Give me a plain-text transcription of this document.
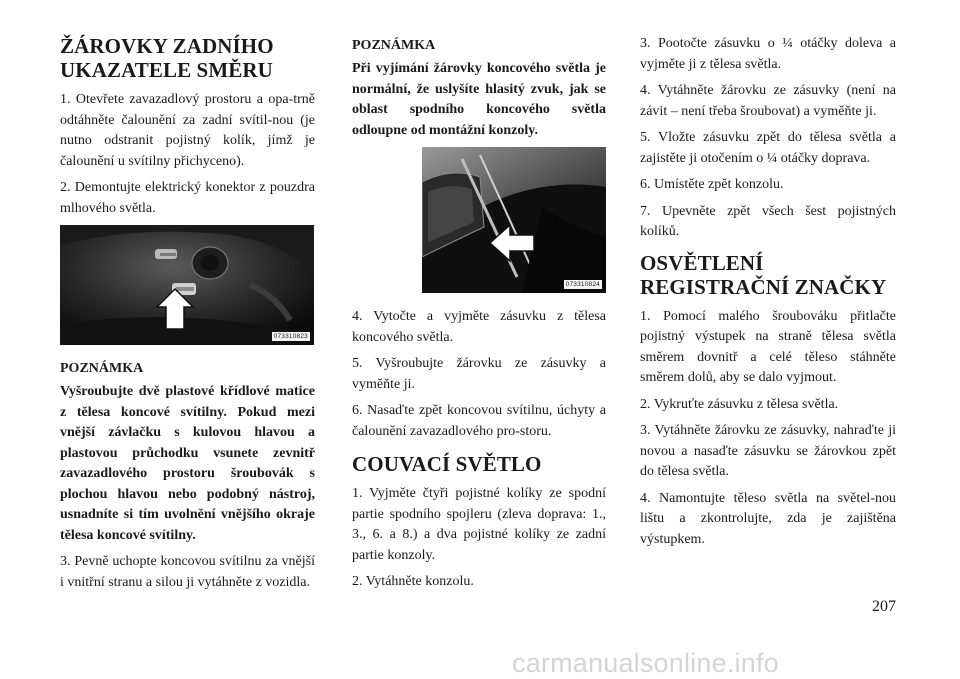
ŽÁROVKY ZADNÍHO UKAZATELE SMĚRU

1. Otevřete zavazadlový prostoru a opa-trně odtáhněte čalounění za zadní svítil-nou (je nutno odstranit pojistný kolík, jímž je čalounění u svítilny přichyceno).

2. Demontujte elektrický konektor z pouzdra mlhového světla.

073310823
POZNÁMKA

Vyšroubujte dvě plastové křídlové matice z tělesa koncové svítilny. Pokud mezi vnější závlačku s kulovou hlavou a plastovou průchodku vsunete zevnitř zavazadlového prostoru šroubovák s plochou hlavou nebo podobný nástroj, usnadníte si tím uvolnění vnějšího okraje tělesa koncové svítilny.

3. Pevně uchopte koncovou svítilnu za vnější i vnitřní stranu a silou ji vytáhněte z vozidla.

POZNÁMKA

Při vyjímání žárovky koncového světla je normální, že uslyšíte hlasitý zvuk, jak se oblast spodního koncového světla odloupne od montážní konzoly.

073310824

4. Vytočte a vyjměte zásuvku z tělesa koncového světla.

5. Vyšroubujte žárovku ze zásuvky a vyměňte ji.

6. Nasaďte zpět koncovou svítilnu, úchyty a čalounění zavazadlového pro-storu.

COUVACÍ SVĚTLO

1. Vyjměte čtyři pojistné kolíky ze spodní partie spodního spojleru (zleva doprava: 1., 3., 6. a 8.) a dva pojistné kolíky ze zadní partie konzoly.

2. Vytáhněte konzolu.

3. Pootočte zásuvku o ¼ otáčky doleva a vyjměte ji z tělesa světla.

4. Vytáhněte žárovku ze zásuvky (není na závit – není třeba šroubovat) a vyměňte ji.

5. Vložte zásuvku zpět do tělesa světla a zajistěte ji otočením o ¼ otáčky doprava.

6. Umístěte zpět konzolu.

7. Upevněte zpět všech šest pojistných kolíků.

OSVĚTLENÍ REGISTRAČNÍ ZNAČKY

1. Pomocí malého šroubováku přitlačte pojistný výstupek na straně tělesa světla směrem dovnitř a celé těleso stáhněte směrem dolů, aby se dalo vyjmout.

2. Vykruťte zásuvku z tělesa světla.

3. Vytáhněte žárovku ze zásuvky, nahraďte ji novou a nasaďte zásuvku se žárovkou zpět do tělesa světla.

4. Namontujte těleso světla na světel-nou lištu a zkontrolujte, zda je zajištěna výstupkem.

207
carmanualsonline.info
